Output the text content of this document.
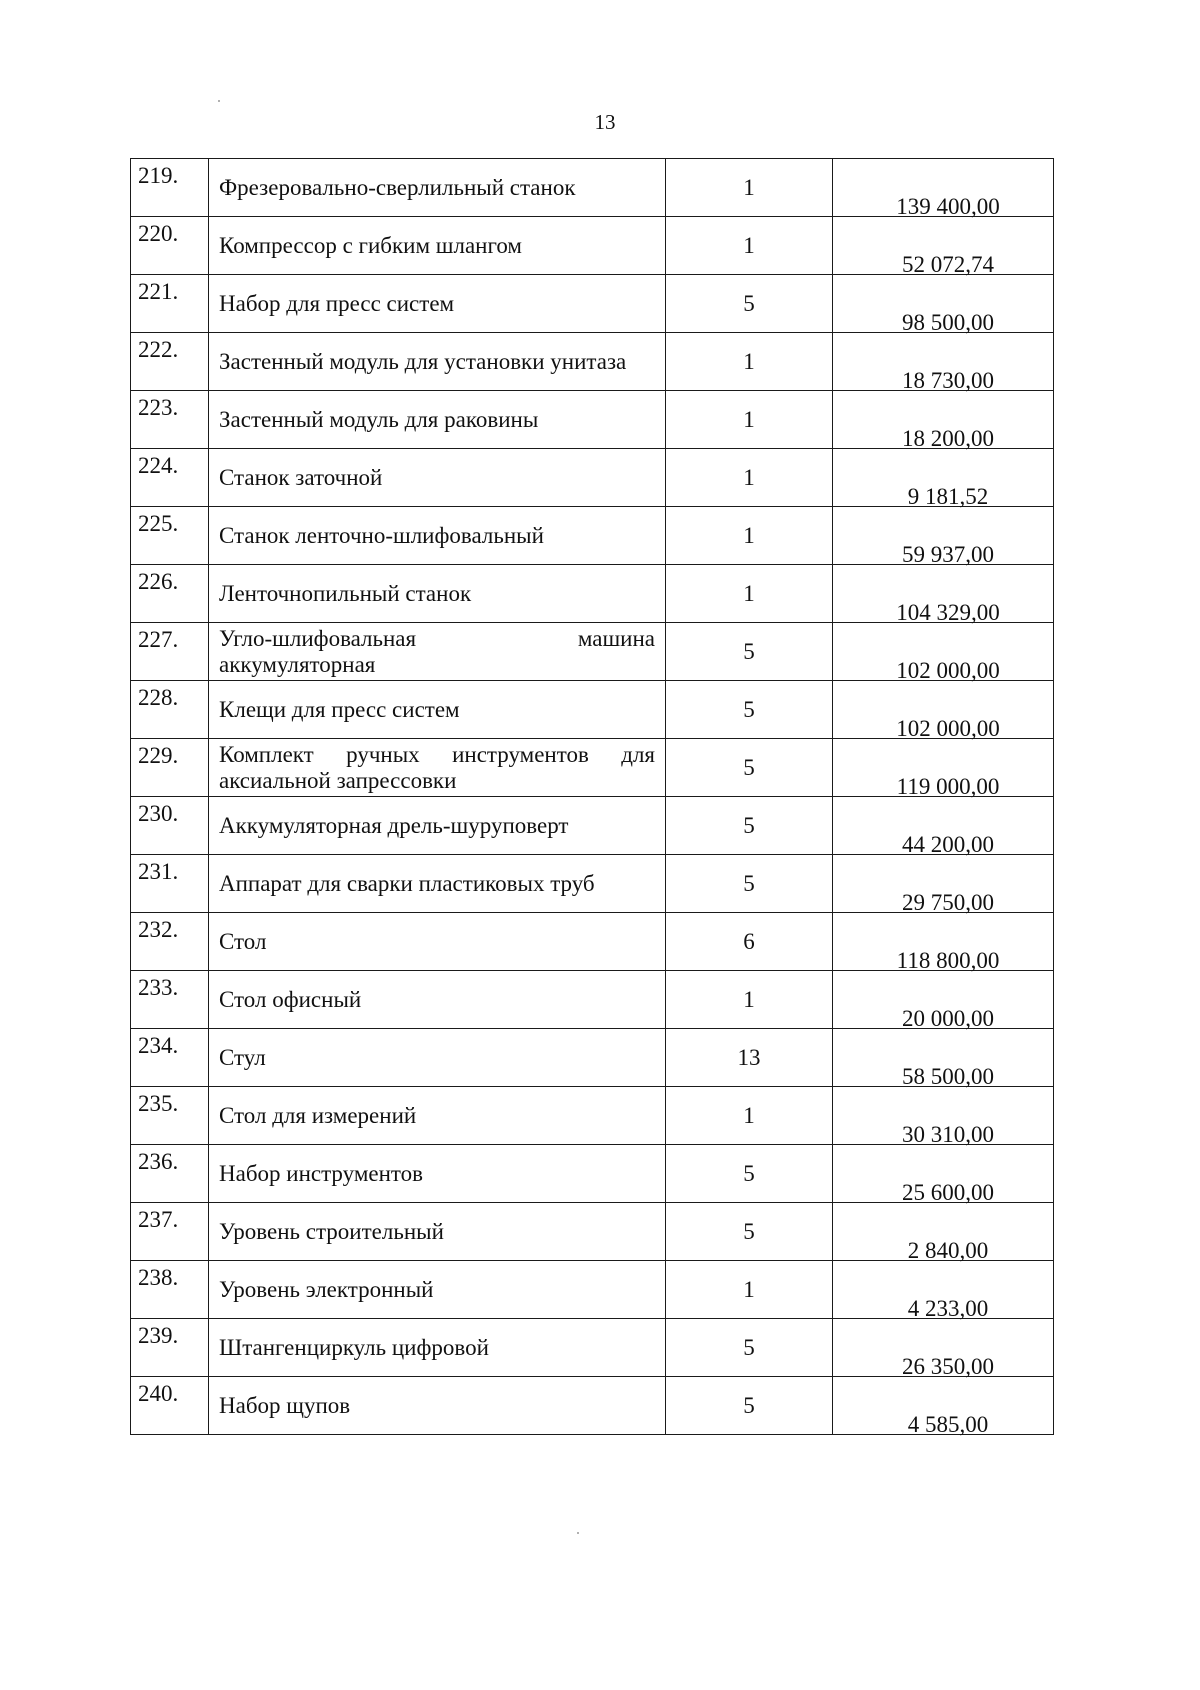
13
219.	Фрезеровально-сверлильный станок	1	139 400,00

220.	Компрессор с гибким шлангом	1	52 072,74

221.	Набор для пресс систем	5	98 500,00

222.	Застенный модуль для установки унитаза	1	18 730,00

223.	Застенный модуль для раковины	1	18 200,00

224.	Станок заточной	1	9 181,52

225.	Станок ленточно-шлифовальный	1	59 937,00

226.	Ленточнопильный станок	1	104 329,00

227.	Угло-шлифовальная машина аккумуляторная	5	102 000,00

228.	Клещи для пресс систем	5	102 000,00

229.	Комплект ручных инструментов для аксиальной запрессовки	5	119 000,00

230.	Аккумуляторная дрель-шуруповерт	5	44 200,00

231.	Аппарат для сварки пластиковых труб	5	29 750,00

232.	Стол	6	118 800,00

233.	Стол офисный	1	20 000,00

234.	Стул	13	58 500,00

235.	Стол для измерений	1	30 310,00

236.	Набор инструментов	5	25 600,00

237.	Уровень строительный	5	2 840,00

238.	Уровень электронный	1	4 233,00

239.	Штангенциркуль цифровой	5	26 350,00

240.	Набор щупов	5	4 585,00
